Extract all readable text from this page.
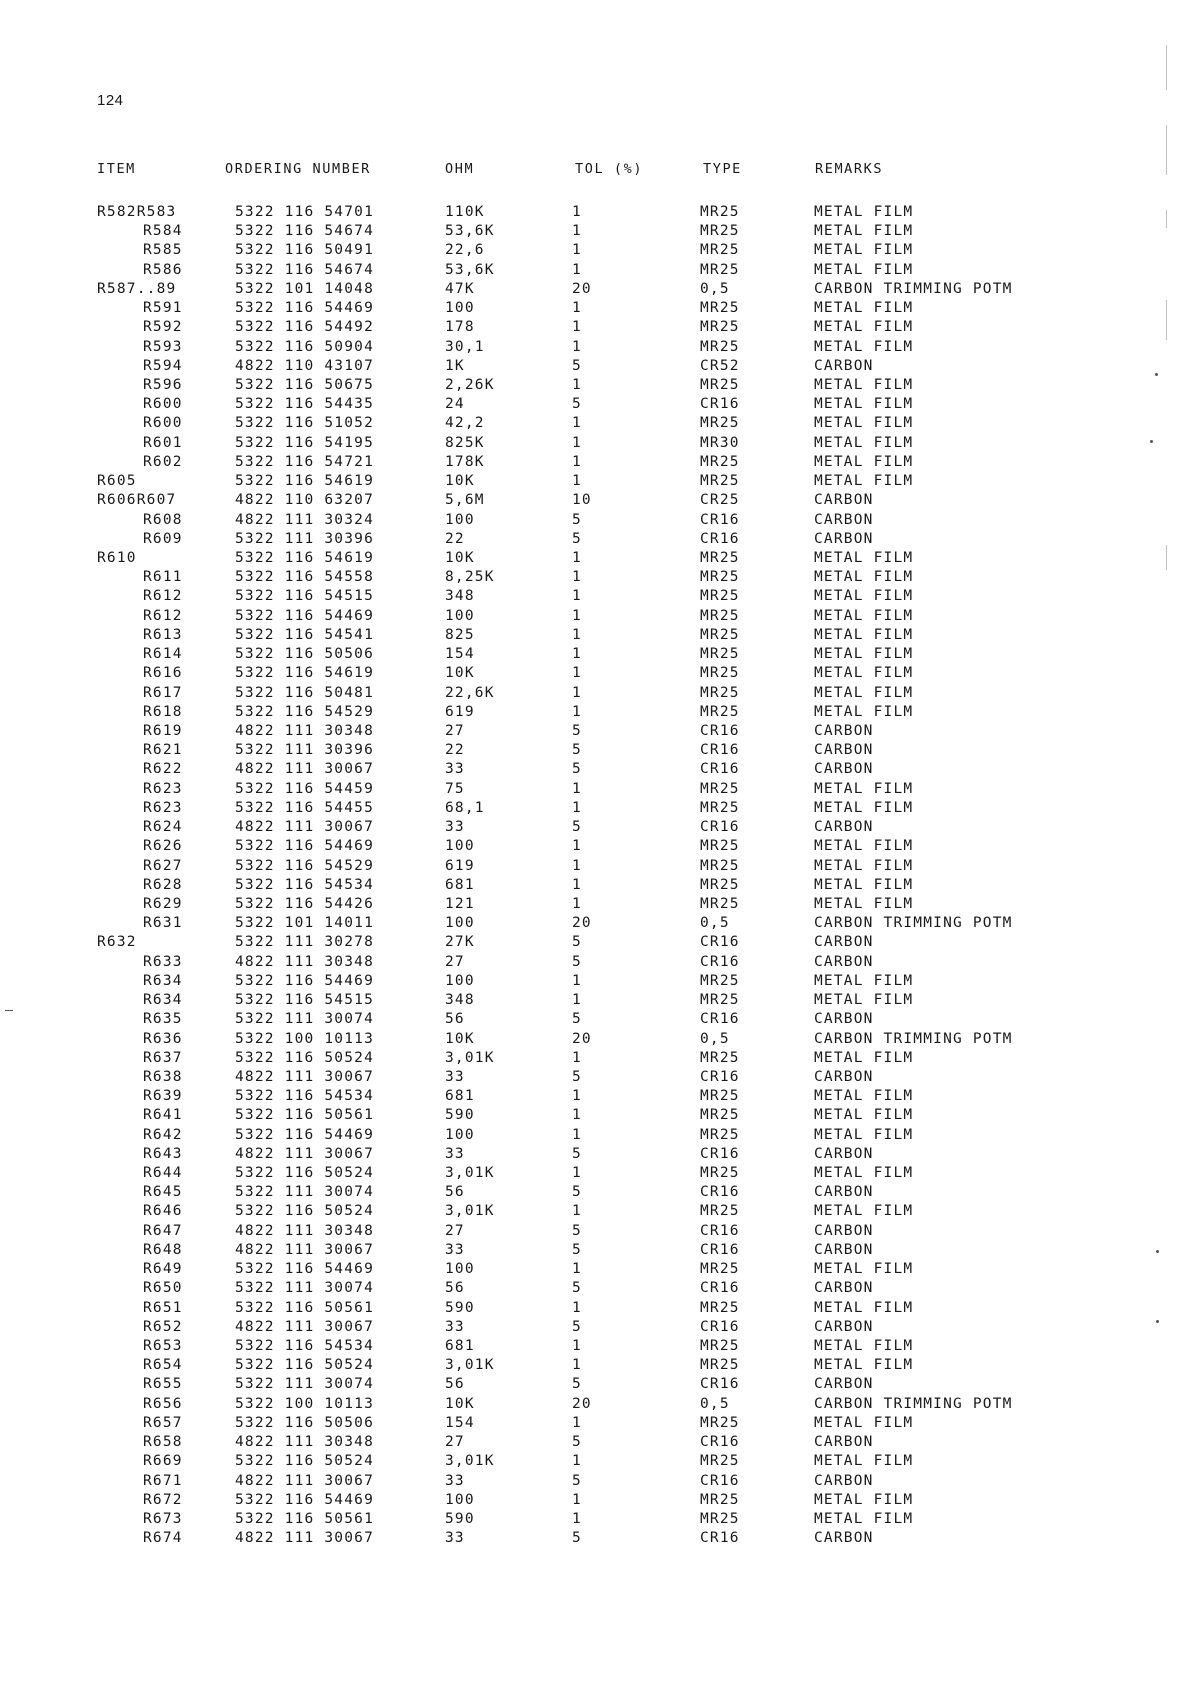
124
ITEM	ORDERING NUMBER	OHM	TOL (%)	TYPE	REMARKS
R582R583	5322 116 54701	110K	1	MR25	METAL FILM
R584	5322 116 54674	53,6K	1	MR25	METAL FILM
R585	5322 116 50491	22,6	1	MR25	METAL FILM
R586	5322 116 54674	53,6K	1	MR25	METAL FILM
R587..89	5322 101 14048	47K	20	0,5	CARBON TRIMMING POTM
R591	5322 116 54469	100	1	MR25	METAL FILM
R592	5322 116 54492	178	1	MR25	METAL FILM
R593	5322 116 50904	30,1	1	MR25	METAL FILM
R594	4822 110 43107	1K	5	CR52	CARBON
R596	5322 116 50675	2,26K	1	MR25	METAL FILM
R600	5322 116 54435	24	5	CR16	METAL FILM
R600	5322 116 51052	42,2	1	MR25	METAL FILM
R601	5322 116 54195	825K	1	MR30	METAL FILM
R602	5322 116 54721	178K	1	MR25	METAL FILM
R605	5322 116 54619	10K	1	MR25	METAL FILM
R606R607	4822 110 63207	5,6M	10	CR25	CARBON
R608	4822 111 30324	100	5	CR16	CARBON
R609	5322 111 30396	22	5	CR16	CARBON
R610	5322 116 54619	10K	1	MR25	METAL FILM
R611	5322 116 54558	8,25K	1	MR25	METAL FILM
R612	5322 116 54515	348	1	MR25	METAL FILM
R612	5322 116 54469	100	1	MR25	METAL FILM
R613	5322 116 54541	825	1	MR25	METAL FILM
R614	5322 116 50506	154	1	MR25	METAL FILM
R616	5322 116 54619	10K	1	MR25	METAL FILM
R617	5322 116 50481	22,6K	1	MR25	METAL FILM
R618	5322 116 54529	619	1	MR25	METAL FILM
R619	4822 111 30348	27	5	CR16	CARBON
R621	5322 111 30396	22	5	CR16	CARBON
R622	4822 111 30067	33	5	CR16	CARBON
R623	5322 116 54459	75	1	MR25	METAL FILM
R623	5322 116 54455	68,1	1	MR25	METAL FILM
R624	4822 111 30067	33	5	CR16	CARBON
R626	5322 116 54469	100	1	MR25	METAL FILM
R627	5322 116 54529	619	1	MR25	METAL FILM
R628	5322 116 54534	681	1	MR25	METAL FILM
R629	5322 116 54426	121	1	MR25	METAL FILM
R631	5322 101 14011	100	20	0,5	CARBON TRIMMING POTM
R632	5322 111 30278	27K	5	CR16	CARBON
R633	4822 111 30348	27	5	CR16	CARBON
R634	5322 116 54469	100	1	MR25	METAL FILM
R634	5322 116 54515	348	1	MR25	METAL FILM
R635	5322 111 30074	56	5	CR16	CARBON
R636	5322 100 10113	10K	20	0,5	CARBON TRIMMING POTM
R637	5322 116 50524	3,01K	1	MR25	METAL FILM
R638	4822 111 30067	33	5	CR16	CARBON
R639	5322 116 54534	681	1	MR25	METAL FILM
R641	5322 116 50561	590	1	MR25	METAL FILM
R642	5322 116 54469	100	1	MR25	METAL FILM
R643	4822 111 30067	33	5	CR16	CARBON
R644	5322 116 50524	3,01K	1	MR25	METAL FILM
R645	5322 111 30074	56	5	CR16	CARBON
R646	5322 116 50524	3,01K	1	MR25	METAL FILM
R647	4822 111 30348	27	5	CR16	CARBON
R648	4822 111 30067	33	5	CR16	CARBON
R649	5322 116 54469	100	1	MR25	METAL FILM
R650	5322 111 30074	56	5	CR16	CARBON
R651	5322 116 50561	590	1	MR25	METAL FILM
R652	4822 111 30067	33	5	CR16	CARBON
R653	5322 116 54534	681	1	MR25	METAL FILM
R654	5322 116 50524	3,01K	1	MR25	METAL FILM
R655	5322 111 30074	56	5	CR16	CARBON
R656	5322 100 10113	10K	20	0,5	CARBON TRIMMING POTM
R657	5322 116 50506	154	1	MR25	METAL FILM
R658	4822 111 30348	27	5	CR16	CARBON
R669	5322 116 50524	3,01K	1	MR25	METAL FILM
R671	4822 111 30067	33	5	CR16	CARBON
R672	5322 116 54469	100	1	MR25	METAL FILM
R673	5322 116 50561	590	1	MR25	METAL FILM
R674	4822 111 30067	33	5	CR16	CARBON
